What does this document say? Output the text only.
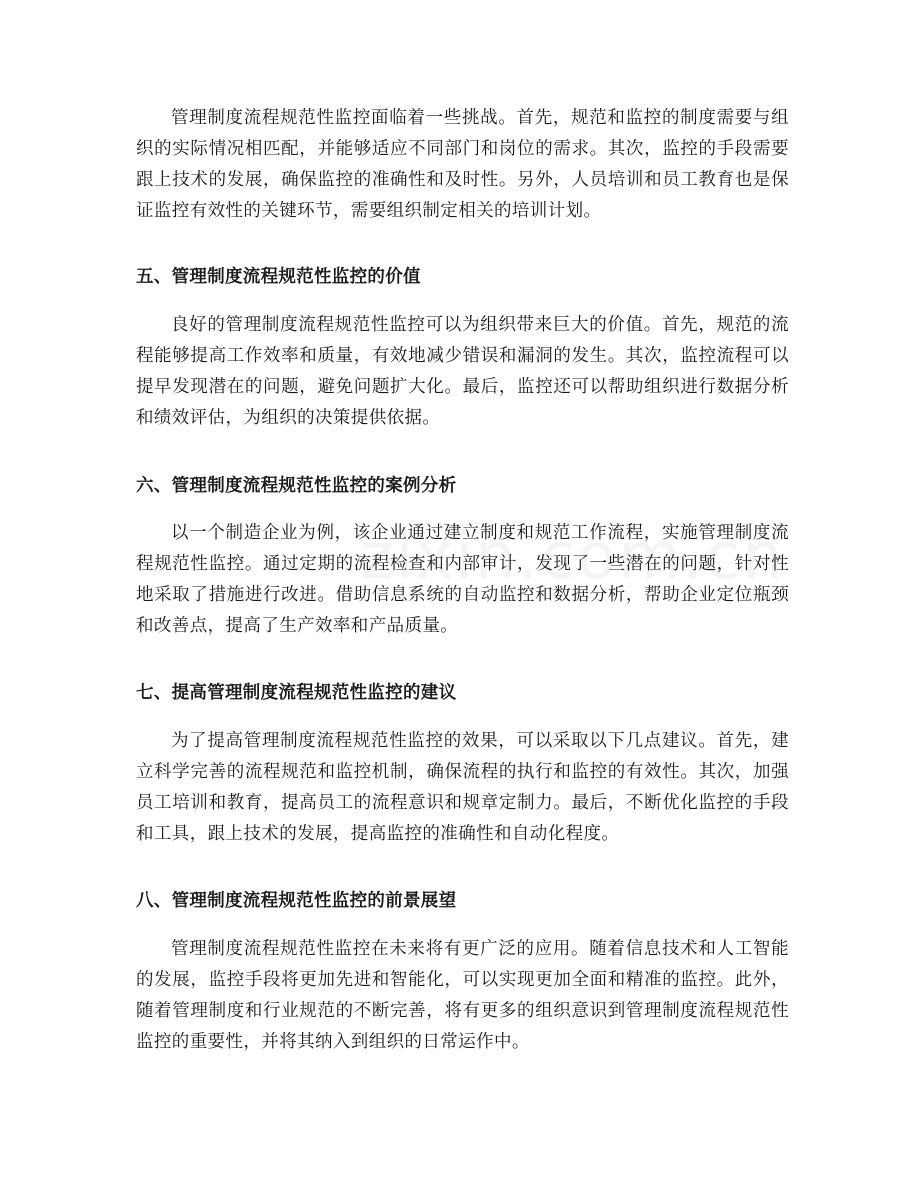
管理制度流程规范性监控面临着一些挑战。首先，规范和监控的制度需要与组织的实际情况相匹配，并能够适应不同部门和岗位的需求。其次，监控的手段需要跟上技术的发展，确保监控的准确性和及时性。另外，人员培训和员工教育也是保证监控有效性的关键环节，需要组织制定相关的培训计划。

五、管理制度流程规范性监控的价值

良好的管理制度流程规范性监控可以为组织带来巨大的价值。首先，规范的流程能够提高工作效率和质量，有效地减少错误和漏洞的发生。其次，监控流程可以提早发现潜在的问题，避免问题扩大化。最后，监控还可以帮助组织进行数据分析和绩效评估，为组织的决策提供依据。

六、管理制度流程规范性监控的案例分析

以一个制造企业为例，该企业通过建立制度和规范工作流程，实施管理制度流程规范性监控。通过定期的流程检查和内部审计，发现了一些潜在的问题，针对性地采取了措施进行改进。借助信息系统的自动监控和数据分析，帮助企业定位瓶颈和改善点，提高了生产效率和产品质量。

七、提高管理制度流程规范性监控的建议

为了提高管理制度流程规范性监控的效果，可以采取以下几点建议。首先，建立科学完善的流程规范和监控机制，确保流程的执行和监控的有效性。其次，加强员工培训和教育，提高员工的流程意识和规章定制力。最后，不断优化监控的手段和工具，跟上技术的发展，提高监控的准确性和自动化程度。

八、管理制度流程规范性监控的前景展望

管理制度流程规范性监控在未来将有更广泛的应用。随着信息技术和人工智能的发展，监控手段将更加先进和智能化，可以实现更加全面和精准的监控。此外，随着管理制度和行业规范的不断完善，将有更多的组织意识到管理制度流程规范性监控的重要性，并将其纳入到组织的日常运作中。
